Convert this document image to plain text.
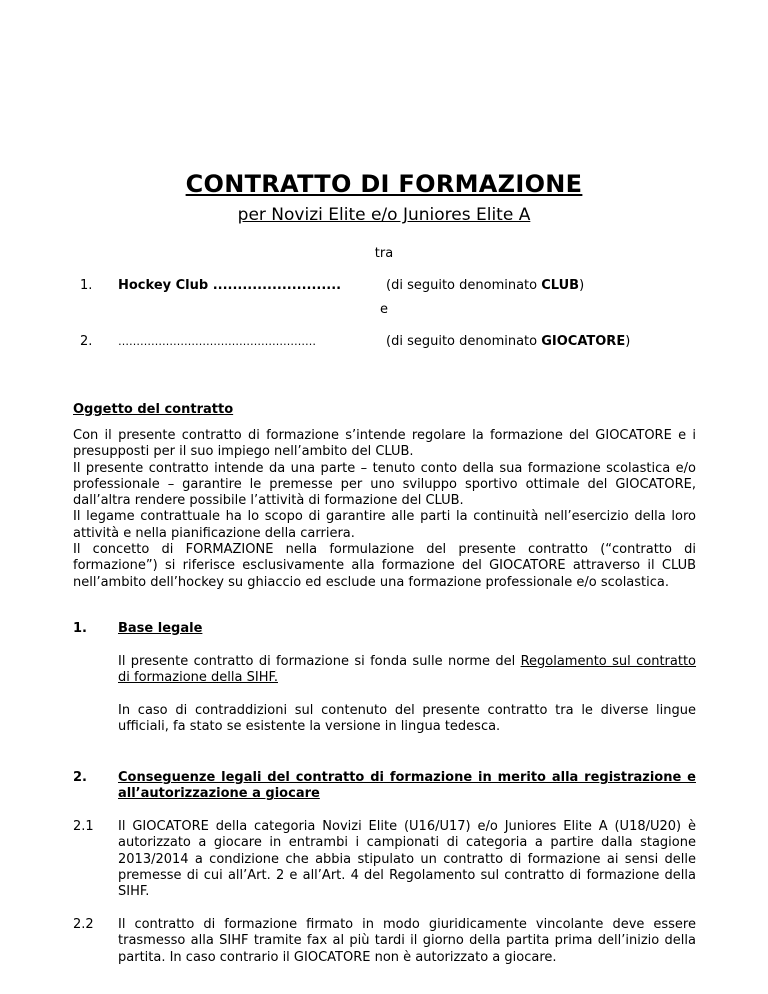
CONTRATTO DI FORMAZIONE
per Novizi Elite e/o Juniores Elite A
tra
1. Hockey Club ..........................	(di seguito denominato CLUB)
e
2. ………………………………………………	(di seguito denominato GIOCATORE)
Oggetto del contratto
Con il presente contratto di formazione s’intende regolare la formazione del GIOCATORE e i
presupposti per il suo impiego nell’ambito del CLUB.
Il presente contratto intende da una parte – tenuto conto della sua formazione scolastica e/o
professionale – garantire le premesse per uno sviluppo sportivo ottimale del GIOCATORE,
dall’altra rendere possibile l’attività di formazione del CLUB.
Il legame contrattuale ha lo scopo di garantire alle parti la continuità nell’esercizio della loro
attività e nella pianificazione della carriera.
Il concetto di FORMAZIONE nella formulazione del presente contratto (“contratto di
formazione”) si riferisce esclusivamente alla formazione del GIOCATORE attraverso il CLUB
nell’ambito dell’hockey su ghiaccio ed esclude una formazione professionale e/o scolastica.
1. Base legale
Il presente contratto di formazione si fonda sulle norme del Regolamento sul contratto
di formazione della SIHF.
In caso di contraddizioni sul contenuto del presente contratto tra le diverse lingue
ufficiali, fa stato se esistente la versione in lingua tedesca.
2. Conseguenze legali del contratto di formazione in merito alla registrazione e
all’autorizzazione a giocare
2.1 Il GIOCATORE della categoria Novizi Elite (U16/U17) e/o Juniores Elite A (U18/U20) è
autorizzato a giocare in entrambi i campionati di categoria a partire dalla stagione
2013/2014 a condizione che abbia stipulato un contratto di formazione ai sensi delle
premesse di cui all’Art. 2 e all’Art. 4 del Regolamento sul contratto di formazione della
SIHF.
2.2 Il contratto di formazione firmato in modo giuridicamente vincolante deve essere
trasmesso alla SIHF tramite fax al più tardi il giorno della partita prima dell’inizio della
partita. In caso contrario il GIOCATORE non è autorizzato a giocare.
